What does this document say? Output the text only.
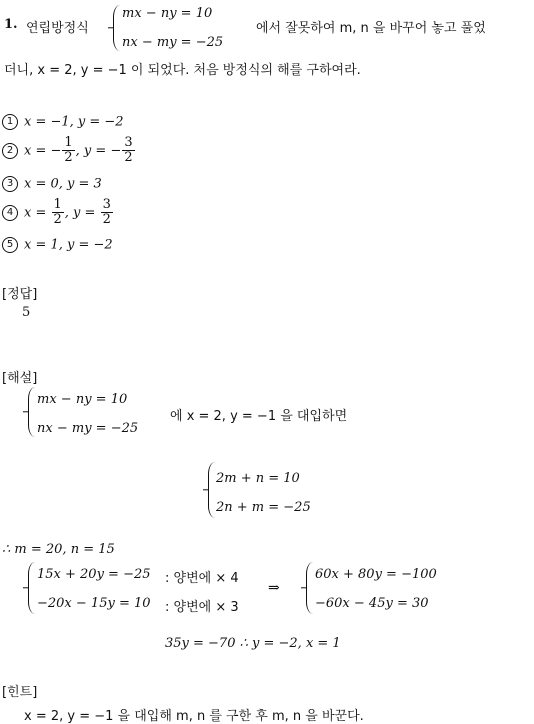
1. 연립방정식
mx − ny = 10
nx − my = −25
에서 잘못하여 m, n 을 바꾸어 놓고 풀었
더니, x = 2, y = −1 이 되었다. 처음 방정식의 해를 구하여라.
1 x = −1, y = −2
2 x = − $\frac{1}{2}$ , y = − $\frac{3}{2}$
3 x = 0, y = 3
4 $x = \frac{1}{2}$ , $y = \frac{3}{2}$
5 x = 1, y = −2
[정답]
5
[해설]
mx − ny = 10
nx − my = −25
에 x = 2, y = −1 을 대입하면
2m + n = 10
2n + m = −25
∴ m = 20, n = 15
15x + 20y = −25
−20x − 15y = 10
: 양변에 × 4
: 양변에 × 3
⇒
60x + 80y = −100
−60x − 45y = 30
35y = −70 ∴ y = −2, x = 1
[힌트]
x = 2, y = −1 을 대입해 m, n 를 구한 후 m, n 을 바꾼다.
